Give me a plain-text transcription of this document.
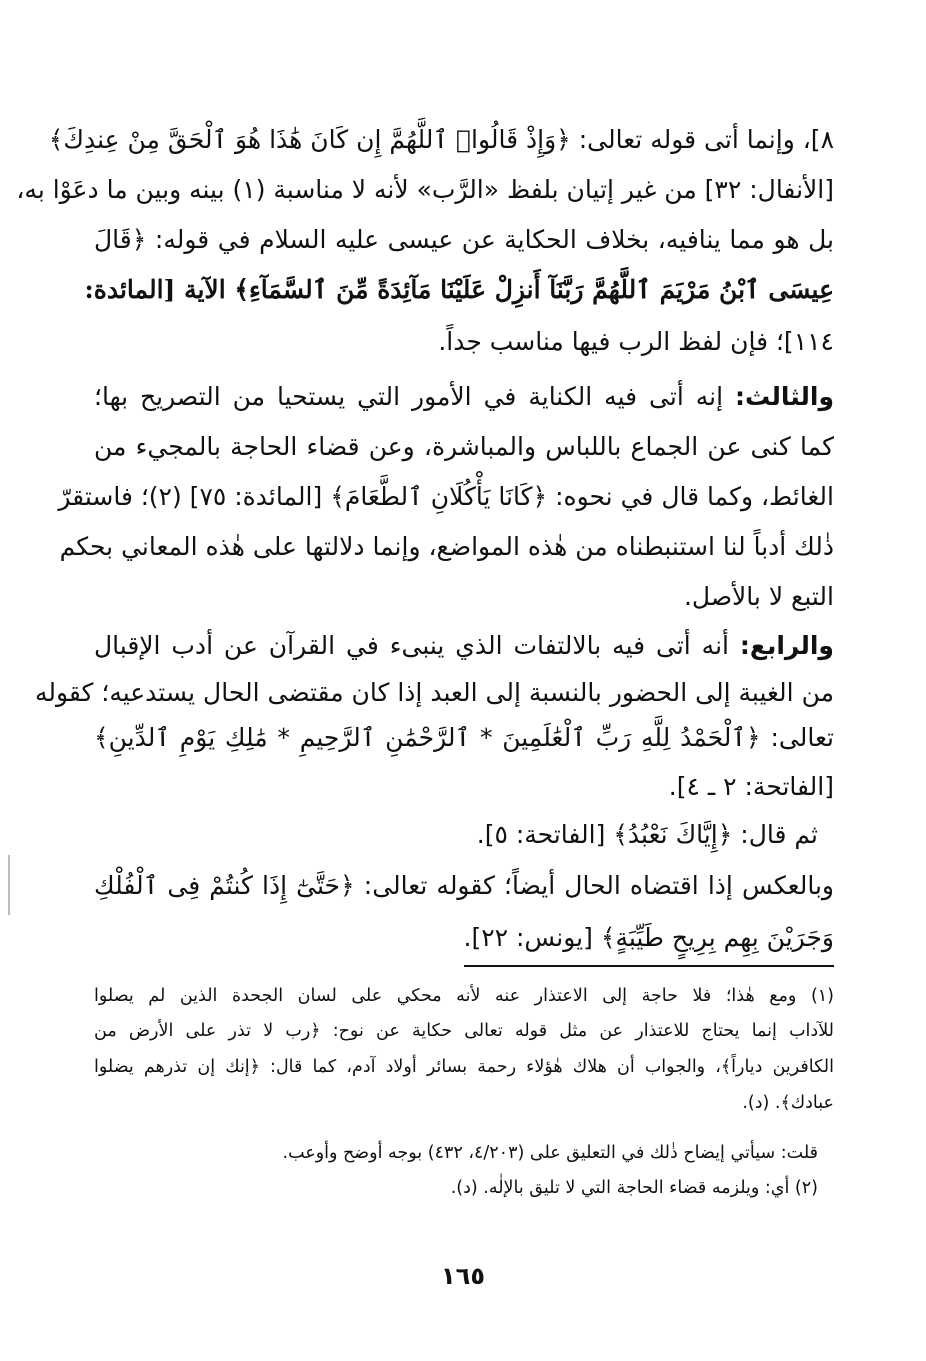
٨]، وإنما أتى قوله تعالى: ﴿وَإِذْ قَالُوا۟ ٱللَّهُمَّ إِن كَانَ هَٰذَا هُوَ ٱلْحَقَّ مِنْ عِندِكَ﴾
[الأنفال: ٣٢] من غير إتيان بلفظ «الرَّب» لأنه لا مناسبة (١) بينه وبين ما دعَوْا به،
بل هو مما ينافيه، بخلاف الحكاية عن عيسى عليه السلام في قوله: ﴿قَالَ
عِيسَى ٱبْنُ مَرْيَمَ ٱللَّهُمَّ رَبَّنَآ أَنزِلْ عَلَيْنَا مَآئِدَةً مِّنَ ٱلسَّمَآءِ﴾ الآية [المائدة:
١١٤]؛ فإن لفظ الرب فيها مناسب جداً.
والثالث: إنه أتى فيه الكناية في الأمور التي يستحيا من التصريح بها؛
كما كنى عن الجماع باللباس والمباشرة، وعن قضاء الحاجة بالمجيء من
الغائط، وكما قال في نحوه: ﴿كَانَا يَأْكُلَانِ ٱلطَّعَامَ﴾ [المائدة: ٧٥] (٢)؛ فاستقرّ
ذٰلك أدباً لنا استنبطناه من هٰذه المواضع، وإنما دلالتها على هٰذه المعاني بحكم
التبع لا بالأصل.
والرابع: أنه أتى فيه بالالتفات الذي ينبىء في القرآن عن أدب الإقبال
من الغيبة إلى الحضور بالنسبة إلى العبد إذا كان مقتضى الحال يستدعيه؛ كقوله
تعالى: ﴿ٱلْحَمْدُ لِلَّهِ رَبِّ ٱلْعَٰلَمِينَ * ٱلرَّحْمَٰنِ ٱلرَّحِيمِ * مَٰلِكِ يَوْمِ ٱلدِّينِ﴾
[الفاتحة: ٢ ـ ٤].
ثم قال: ﴿إِيَّاكَ نَعْبُدُ﴾ [الفاتحة: ٥].
وبالعكس إذا اقتضاه الحال أيضاً؛ كقوله تعالى: ﴿حَتَّىٰٓ إِذَا كُنتُمْ فِى ٱلْفُلْكِ
وَجَرَيْنَ بِهِم بِرِيحٍ طَيِّبَةٍ﴾ [يونس: ٢٢].
(١) ومع هٰذا؛ فلا حاجة إلى الاعتذار عنه لأنه محكي على لسان الجحدة الذين لم يصلوا
للآداب إنما يحتاج للاعتذار عن مثل قوله تعالى حكاية عن نوح: ﴿رب لا تذر على الأرض من
الكافرين دياراً﴾، والجواب أن هلاك هٰؤلاء رحمة بسائر أولاد آدم، كما قال: ﴿إنك إن تذرهم يضلوا
عبادك﴾. (د).
قلت: سيأتي إيضاح ذٰلك في التعليق على (٤/٢٠٣، ٤٣٢) بوجه أوضح وأوعب.
(٢) أي: ويلزمه قضاء الحاجة التي لا تليق بالإلٰه. (د).
١٦٥
